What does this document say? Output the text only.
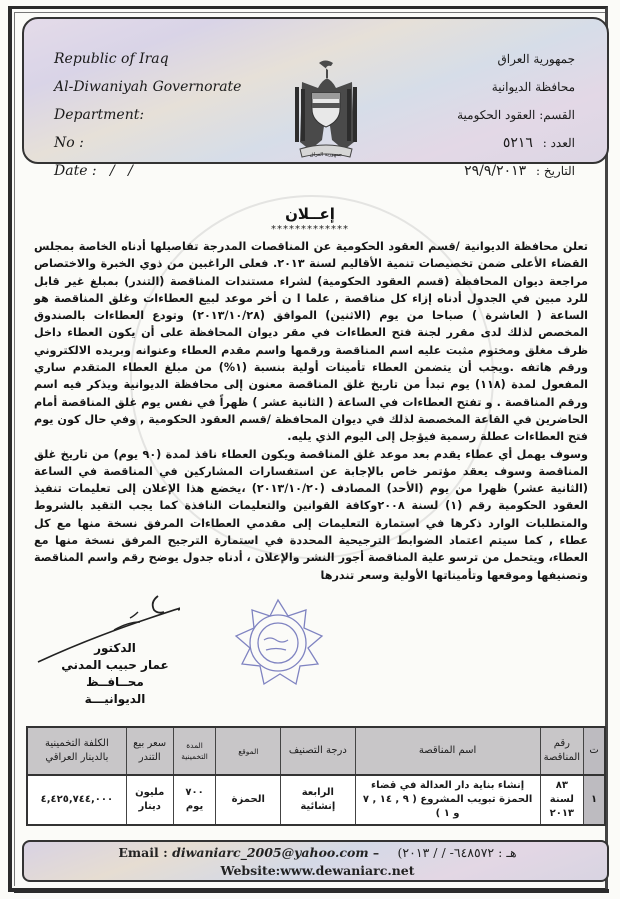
Republic of Iraq
Al-Diwaniyah Governorate
Department:
No :
Date :   /   /
جمهورية العراق
جمهورية العراق
محافظة الديوانية
القسم: العقود الحكومية
العدد : ٥٢١٦
التاريخ : ٢٩/٩/٢٠١٣
إعــلان
*************

تعلن محافظة الديوانية /قسم العقود الحكومية عن المناقصات المدرجة تفاصيلها أدناه الخاصة بمجلس القضاء الأعلى ضمن تخصيصات تنمية الأقاليم لسنة ٢٠١٣. فعلى الراغبين من ذوي الخبرة والاختصاص مراجعة ديوان المحافظة (قسم العقود الحكومية) لشراء مستندات المناقصة (التندر) بمبلغ غير قابل للرد مبين في الجدول أدناه إزاء كل مناقصة , علما ا ن أخر موعد لبيع العطاءات وغلق المناقصة هو الساعة ( العاشرة ) صباحا من يوم (الاثنين) الموافق (٢٠١٣/١٠/٢٨) وتودع العطاءات بالصندوق المخصص لذلك لدى مقرر لجنة فتح العطاءات في مقر ديوان المحافظة على أن يكون العطاء داخل ظرف مغلق ومختوم مثبت عليه اسم المناقصة ورقمها واسم مقدم العطاء وعنوانه وبريده الالكتروني ورقم هاتفه .ويجب أن يتضمن العطاء تأمينات أولية بنسبة (١%) من مبلغ العطاء المتقدم ساري المفعول لمدة (١١٨) يوم تبدأ من تاريخ غلق المناقصة معنون إلى محافظة الديوانية ويذكر فيه اسم ورقم المناقصة . و تفتح العطاءات في الساعة ( الثانية عشر ) ظهراً في نفس يوم غلق المناقصة أمام الحاضرين في القاعة المخصصة لذلك في ديوان المحافظة /قسم العقود الحكومية , وفي حال كون يوم فتح العطاءات عطلة رسمية فيؤجل إلى اليوم الذي يليه.

وسوف يهمل أي عطاء يقدم بعد موعد غلق المناقصة ويكون العطاء نافذ لمدة (٩٠ يوم) من تاريخ غلق المناقصة وسوف يعقد مؤتمر خاص بالإجابة عن استفسارات المشاركين في المناقصة في الساعة (الثانية عشر) ظهرا من يوم (الأحد) المصادف (٢٠١٣/١٠/٢٠) ،يخضع هذا الإعلان إلى تعليمات تنفيذ العقود الحكومية رقم (١) لسنة ٢٠٠٨وكافة القوانين والتعليمات النافذة كما يجب التقيد بالشروط والمتطلبات الوارد ذكرها في استمارة التعليمات إلى مقدمي العطاءات المرفق نسخة منها مع كل عطاء , كما سيتم اعتماد الضوابط الترجيحية المحددة في استمارة الترجيح المرفق نسخة منها مع العطاء، ويتحمل من ترسو علية المناقصة أجور النشر والإعلان ، أدناه جدول يوضح رقم واسم المناقصة وتصنيفها وموقعها وتأميناتها الأولية وسعر تندرها

الدكتور
عمار حبيب المدني
محــافــظ الديوانيـــة
ت	رقم المناقصة	اسم المناقصة	درجة التصنيف	الموقع	المدة التخمينية	سعر بيع التندر	الكلفة التخمينية بالدينار العراقي
١	٨٣ لسنة ٢٠١٣	إنشاء بناية دار العدالة في قضاء الحمزة تبويب المشروع ( ٩ , ١٤ , ٧ و ١ )	الرابعة إنشائية	الحمزة	٧٠٠ يوم	مليون دينار	٤,٤٢٥,٧٤٤,٠٠٠
Email : diwaniarc_2005@yahoo.com – هـ : ٦٤٨٥٧٢- / / ٢٠١٣)
Website:www.dewaniarc.net
